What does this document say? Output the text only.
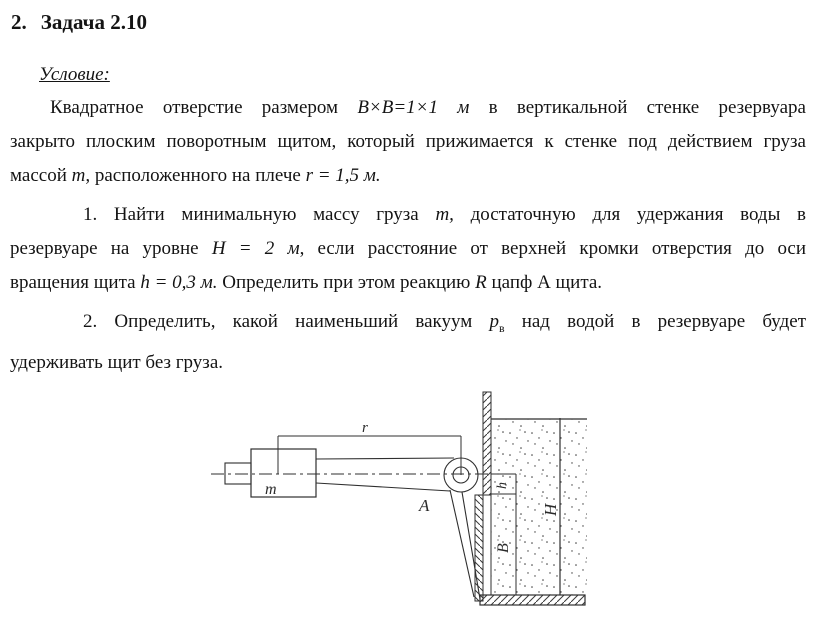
2. Задача 2.10
Условие:
Квадратное отверстие размером В×В=1×1 м в вертикальной стенке резервуара
закрыто плоским поворотным щитом, который прижимается к стенке под действием груза
массой m, расположенного на плече r = 1,5 м.
1. Найти минимальную массу груза m, достаточную для удержания воды в
резервуаре на уровне H = 2 м, если расстояние от верхней кромки отверстия до оси
вращения щита h = 0,3 м. Определить при этом реакцию R цапф А щита.
2. Определить, какой наименьший вакуум $p_в$ над водой в резервуаре будет
удерживать щит без груза.
m
r
A
h
B
H
